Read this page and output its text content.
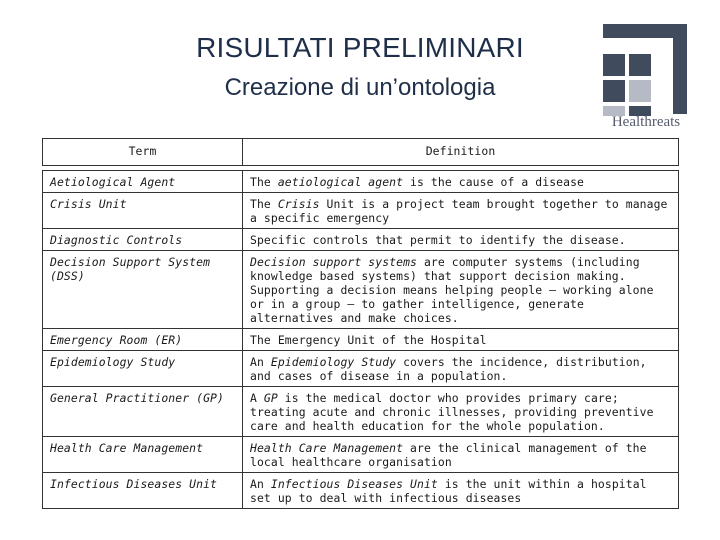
RISULTATI PRELIMINARI
Creazione di un’ontologia
Healthreats
Term	Definition

Aetiological Agent	The aetiological agent is the cause of a disease
Crisis Unit	The Crisis Unit is a project team brought together to manage a specific emergency
Diagnostic Controls	Specific controls that permit to identify the disease.
Decision Support System (DSS)	Decision support systems are computer systems (including knowledge based systems) that support decision making. Supporting a decision means helping people – working alone or in a group – to gather intelligence, generate alternatives and make choices.
Emergency Room (ER)	The Emergency Unit of the Hospital
Epidemiology Study	An Epidemiology Study covers the incidence, distribution, and cases of disease in a population.
General Practitioner (GP)	A GP is the medical doctor who provides primary care; treating acute and chronic illnesses, providing preventive care and health education for the whole population.
Health Care Management	Health Care Management are the clinical management of the local healthcare organisation
Infectious Diseases Unit	An Infectious Diseases Unit is the unit within a hospital set up to deal with infectious diseases
